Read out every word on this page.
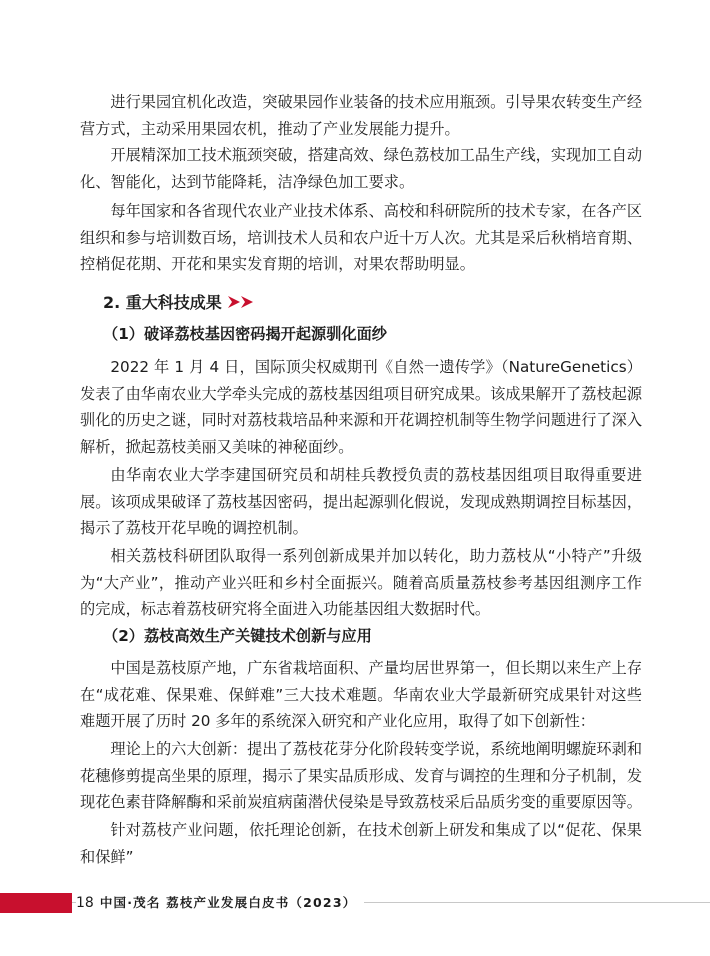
进行果园宜机化改造，突破果园作业装备的技术应用瓶颈。引导果农转变生产经营方式，主动采用果园农机，推动了产业发展能力提升。

开展精深加工技术瓶颈突破，搭建高效、绿色荔枝加工品生产线，实现加工自动化、智能化，达到节能降耗，洁净绿色加工要求。

每年国家和各省现代农业产业技术体系、高校和科研院所的技术专家，在各产区组织和参与培训数百场，培训技术人员和农户近十万人次。尤其是采后秋梢培育期、控梢促花期、开花和果实发育期的培训，对果农帮助明显。

2. 重大科技成果
（1）破译荔枝基因密码揭开起源驯化面纱

2022 年 1 月 4 日，国际顶尖权威期刊《自然一遗传学》（NatureGenetics）发表了由华南农业大学牵头完成的荔枝基因组项目研究成果。该成果解开了荔枝起源驯化的历史之谜，同时对荔枝栽培品种来源和开花调控机制等生物学问题进行了深入解析，掀起荔枝美丽又美味的神秘面纱。

由华南农业大学李建国研究员和胡桂兵教授负责的荔枝基因组项目取得重要进展。该项成果破译了荔枝基因密码，提出起源驯化假说，发现成熟期调控目标基因，揭示了荔枝开花早晚的调控机制。

相关荔枝科研团队取得一系列创新成果并加以转化，助力荔枝从“小特产”升级为“大产业”，推动产业兴旺和乡村全面振兴。随着高质量荔枝参考基因组测序工作的完成，标志着荔枝研究将全面进入功能基因组大数据时代。

（2）荔枝高效生产关键技术创新与应用

中国是荔枝原产地，广东省栽培面积、产量均居世界第一，但长期以来生产上存在“成花难、保果难、保鲜难”三大技术难题。华南农业大学最新研究成果针对这些难题开展了历时 20 多年的系统深入研究和产业化应用，取得了如下创新性：

理论上的六大创新：提出了荔枝花芽分化阶段转变学说，系统地阐明螺旋环剥和花穗修剪提高坐果的原理，揭示了果实品质形成、发育与调控的生理和分子机制，发现花色素苷降解酶和采前炭疽病菌潜伏侵染是导致荔枝采后品质劣变的重要原因等。

针对荔枝产业问题，依托理论创新，在技术创新上研发和集成了以“促花、保果和保鲜”

18 中国·茂名 荔枝产业发展白皮书（2023）
